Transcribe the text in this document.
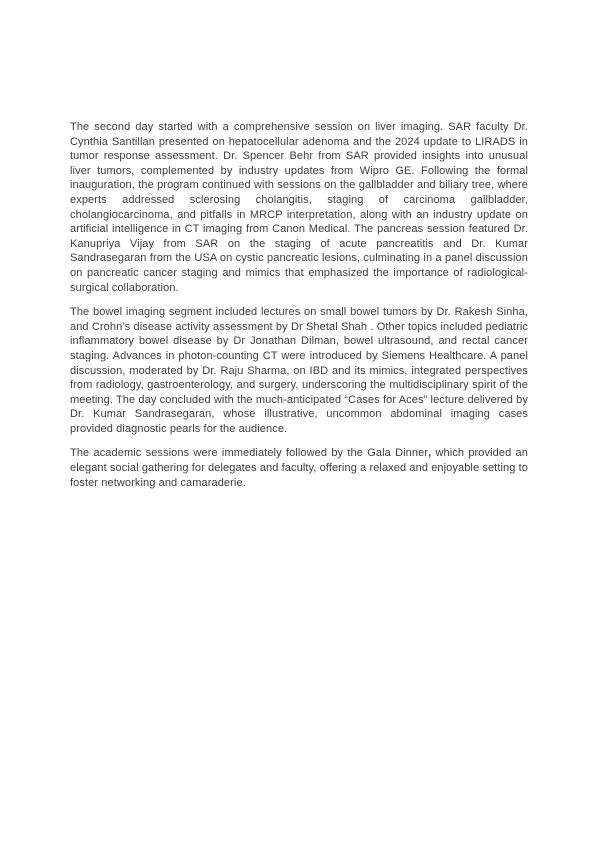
The second day started with a comprehensive session on liver imaging. SAR faculty Dr. Cynthia Santillan presented on hepatocellular adenoma and the 2024 update to LIRADS in tumor response assessment. Dr. Spencer Behr from SAR provided insights into unusual liver tumors, complemented by industry updates from Wipro GE. Following the formal inauguration, the program continued with sessions on the gallbladder and biliary tree, where experts addressed sclerosing cholangitis, staging of carcinoma gallbladder, cholangiocarcinoma, and pitfalls in MRCP interpretation, along with an industry update on artificial intelligence in CT imaging from Canon Medical. The pancreas session featured Dr. Kanupriya Vijay from SAR on the staging of acute pancreatitis and Dr. Kumar Sandrasegaran from the USA on cystic pancreatic lesions, culminating in a panel discussion on pancreatic cancer staging and mimics that emphasized the importance of radiological-surgical collaboration.

The bowel imaging segment included lectures on small bowel tumors by Dr. Rakesh Sinha, and Crohn’s disease activity assessment by Dr Shetal Shah . Other topics included pediatric inflammatory bowel disease by Dr Jonathan Dilman, bowel ultrasound, and rectal cancer staging. Advances in photon-counting CT were introduced by Siemens Healthcare. A panel discussion, moderated by Dr. Raju Sharma, on IBD and its mimics, integrated perspectives from radiology, gastroenterology, and surgery, underscoring the multidisciplinary spirit of the meeting. The day concluded with the much-anticipated “Cases for Aces” lecture delivered by Dr. Kumar Sandrasegaran, whose illustrative, uncommon abdominal imaging cases provided diagnostic pearls for the audience.

The academic sessions were immediately followed by the Gala Dinner, which provided an elegant social gathering for delegates and faculty, offering a relaxed and enjoyable setting to foster networking and camaraderie.
